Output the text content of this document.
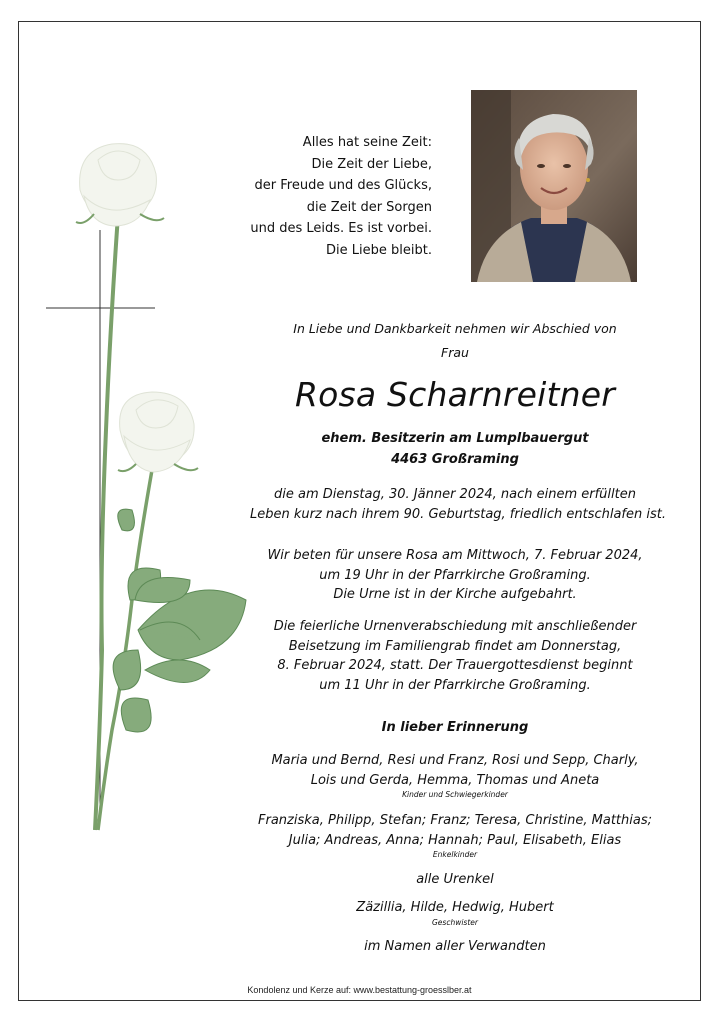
Alles hat seine Zeit:
Die Zeit der Liebe,
der Freude und des Glücks,
die Zeit der Sorgen
und des Leids. Es ist vorbei.
Die Liebe bleibt.
In Liebe und Dankbarkeit nehmen wir Abschied von
Frau
Rosa Scharnreitner
ehem. Besitzerin am Lumplbauergut
4463 Großraming
die am Dienstag, 30. Jänner 2024, nach einem erfüllten
Leben kurz nach ihrem 90. Geburtstag, friedlich entschlafen ist.
Wir beten für unsere Rosa am Mittwoch, 7. Februar 2024,
um 19 Uhr in der Pfarrkirche Großraming.
Die Urne ist in der Kirche aufgebahrt.
Die feierliche Urnenverabschiedung mit anschließender
Beisetzung im Familiengrab findet am Donnerstag,
8. Februar 2024, statt. Der Trauergottesdienst beginnt
um 11 Uhr in der Pfarrkirche Großraming.
In lieber Erinnerung
Maria und Bernd, Resi und Franz, Rosi und Sepp, Charly,
Lois und Gerda, Hemma, Thomas und Aneta
Kinder und Schwiegerkinder
Franziska, Philipp, Stefan; Franz; Teresa, Christine, Matthias;
Julia; Andreas, Anna; Hannah; Paul, Elisabeth, Elias
Enkelkinder
alle Urenkel
Zäzillia, Hilde, Hedwig, Hubert
Geschwister
im Namen aller Verwandten
Kondolenz und Kerze auf: www.bestattung-groesslber.at
